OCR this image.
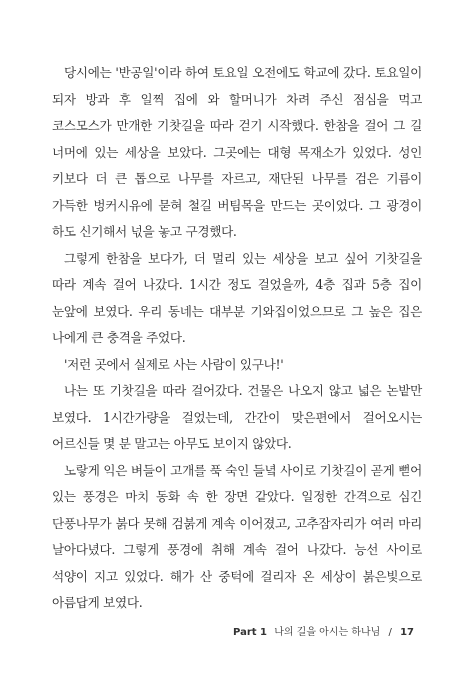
당시에는 '반공일'이라 하여 토요일 오전에도 학교에 갔다. 토요일이 되자 방과 후 일찍 집에 와 할머니가 차려 주신 점심을 먹고 코스모스가 만개한 기찻길을 따라 걷기 시작했다. 한참을 걸어 그 길 너머에 있는 세상을 보았다. 그곳에는 대형 목재소가 있었다. 성인 키보다 더 큰 톱으로 나무를 자르고, 재단된 나무를 검은 기름이 가득한 벙커시유에 묻혀 철길 버팀목을 만드는 곳이었다. 그 광경이 하도 신기해서 넋을 놓고 구경했다.

그렇게 한참을 보다가, 더 멀리 있는 세상을 보고 싶어 기찻길을 따라 계속 걸어 나갔다. 1시간 정도 걸었을까, 4층 집과 5층 집이 눈앞에 보였다. 우리 동네는 대부분 기와집이었으므로 그 높은 집은 나에게 큰 충격을 주었다.

'저런 곳에서 실제로 사는 사람이 있구나!'

나는 또 기찻길을 따라 걸어갔다. 건물은 나오지 않고 넓은 논밭만 보였다. 1시간가량을 걸었는데, 간간이 맞은편에서 걸어오시는 어르신들 몇 분 말고는 아무도 보이지 않았다.

노랗게 익은 벼들이 고개를 푹 숙인 들녘 사이로 기찻길이 곧게 뻗어 있는 풍경은 마치 동화 속 한 장면 같았다. 일정한 간격으로 심긴 단풍나무가 붉다 못해 검붉게 계속 이어졌고, 고추잠자리가 여러 마리 날아다녔다. 그렇게 풍경에 취해 계속 걸어 나갔다. 능선 사이로 석양이 지고 있었다. 해가 산 중턱에 걸리자 온 세상이 붉은빛으로 아름답게 보였다.

Part 1 나의 길을 아시는 하나님 / 17
